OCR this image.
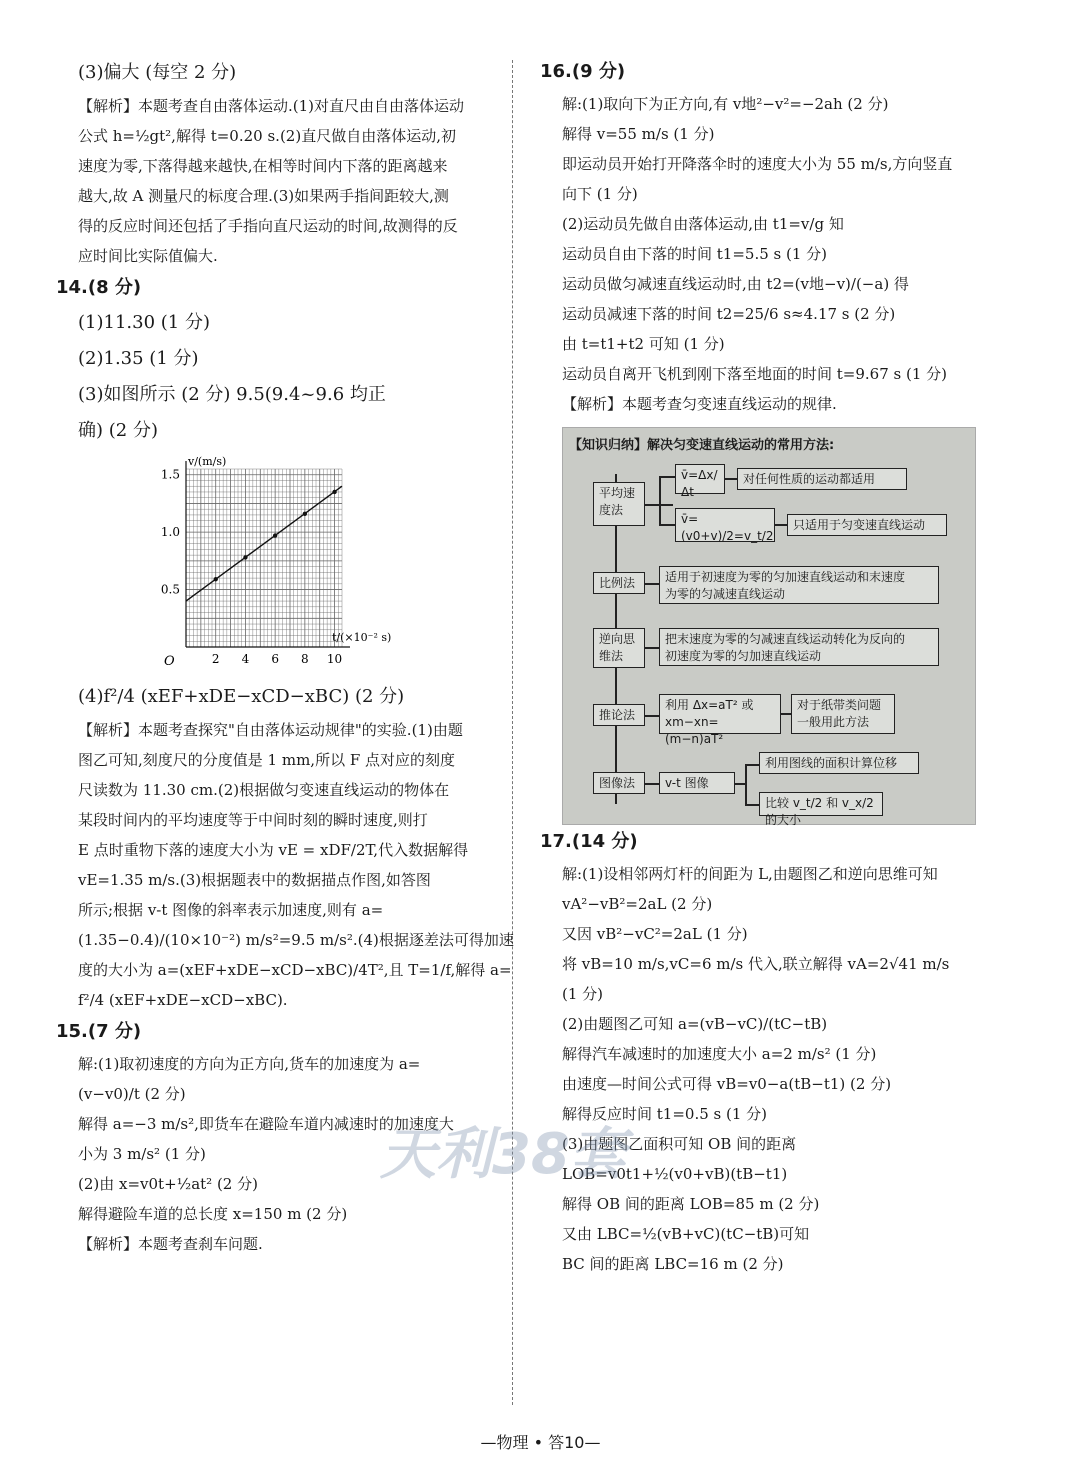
(3)偏大 (每空 2 分)

【解析】本题考查自由落体运动.(1)对直尺由自由落体运动

公式 h=½gt²,解得 t=0.20 s.(2)直尺做自由落体运动,初

速度为零,下落得越来越快,在相等时间内下落的距离越来

越大,故 A 测量尺的标度合理.(3)如果两手指间距较大,测

得的反应时间还包括了手指向直尺运动的时间,故测得的反

应时间比实际值偏大.

14.(8 分)

(1)11.30 (1 分)

(2)1.35 (1 分)

(3)如图所示 (2 分) 9.5(9.4~9.6 均正

确) (2 分)

2 4 6 8 10
0.5
1.0
1.5
v/(m/s)
t/(×10⁻² s)
O

(4)f²/4 (xEF+xDE−xCD−xBC) (2 分)

【解析】本题考查探究"自由落体运动规律"的实验.(1)由题

图乙可知,刻度尺的分度值是 1 mm,所以 F 点对应的刻度

尺读数为 11.30 cm.(2)根据做匀变速直线运动的物体在

某段时间内的平均速度等于中间时刻的瞬时速度,则打

E 点时重物下落的速度大小为 vE = xDF/2T,代入数据解得

vE=1.35 m/s.(3)根据题表中的数据描点作图,如答图

所示;根据 v-t 图像的斜率表示加速度,则有 a=

(1.35−0.4)/(10×10⁻²) m/s²=9.5 m/s².(4)根据逐差法可得加速

度的大小为 a=(xEF+xDE−xCD−xBC)/4T²,且 T=1/f,解得 a=

f²/4 (xEF+xDE−xCD−xBC).

15.(7 分)

解:(1)取初速度的方向为正方向,货车的加速度为 a=

(v−v0)/t (2 分)

解得 a=−3 m/s²,即货车在避险车道内减速时的加速度大

小为 3 m/s² (1 分)

(2)由 x=v0t+½at² (2 分)

解得避险车道的总长度 x=150 m (2 分)

【解析】本题考查刹车问题.

16.(9 分)

解:(1)取向下为正方向,有 v地²−v²=−2ah (2 分)

解得 v=55 m/s (1 分)

即运动员开始打开降落伞时的速度大小为 55 m/s,方向竖直

向下 (1 分)

(2)运动员先做自由落体运动,由 t1=v/g 知

运动员自由下落的时间 t1=5.5 s (1 分)

运动员做匀减速直线运动时,由 t2=(v地−v)/(−a) 得

运动员减速下落的时间 t2=25/6 s≈4.17 s (2 分)

由 t=t1+t2 可知 (1 分)

运动员自离开飞机到刚下落至地面的时间 t=9.67 s (1 分)

【解析】本题考查匀变速直线运动的规律.

【知识归纳】解决匀变速直线运动的常用方法:
平均速度法
v̄=Δx/Δt
对任何性质的运动都适用
v̄=(v0+v)/2=v_t/2
只适用于匀变速直线运动
比例法	适用于初速度为零的匀加速直线运动和末速度
为零的匀减速直线运动
逆向思维法
把末速度为零的匀减速直线运动转化为反向的
初速度为零的匀加速直线运动
推论法
利用 Δx=aT² 或
xm−xn=(m−n)aT²
对于纸带类问题
一般用此方法
图像法	v-t 图像
利用图线的面积计算位移
比较 v_t/2 和 v_x/2 的大小

17.(14 分)

解:(1)设相邻两灯杆的间距为 L,由题图乙和逆向思维可知

vA²−vB²=2aL (2 分)

又因 vB²−vC²=2aL (1 分)

将 vB=10 m/s,vC=6 m/s 代入,联立解得 vA=2√41 m/s

(1 分)

(2)由题图乙可知 a=(vB−vC)/(tC−tB)

解得汽车减速时的加速度大小 a=2 m/s² (1 分)

由速度—时间公式可得 vB=v0−a(tB−t1) (2 分)

解得反应时间 t1=0.5 s (1 分)

(3)由题图乙面积可知 OB 间的距离

LOB=v0t1+½(v0+vB)(tB−t1)

解得 OB 间的距离 LOB=85 m (2 分)

又由 LBC=½(vB+vC)(tC−tB)可知

BC 间的距离 LBC=16 m (2 分)

天利38套
—物理 • 答10—
